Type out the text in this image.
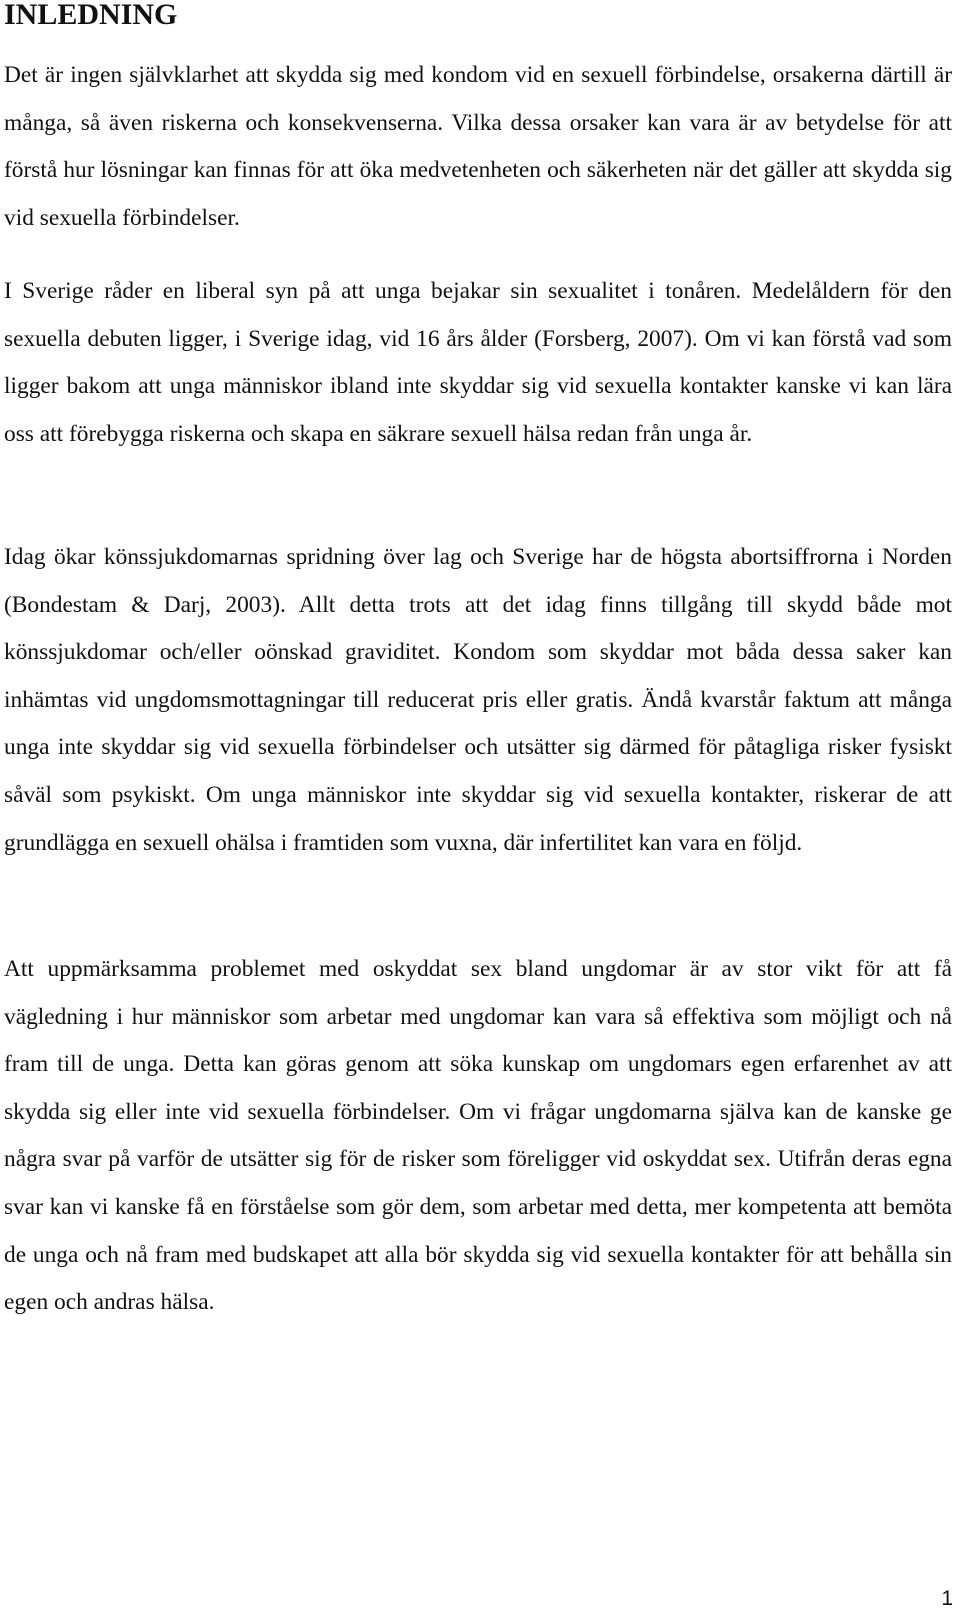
INLEDNING

Det är ingen självklarhet att skydda sig med kondom vid en sexuell förbindelse, orsakerna därtill är många, så även riskerna och konsekvenserna. Vilka dessa orsaker kan vara är av betydelse för att förstå hur lösningar kan finnas för att öka medvetenheten och säkerheten när det gäller att skydda sig vid sexuella förbindelser.

I Sverige råder en liberal syn på att unga bejakar sin sexualitet i tonåren. Medelåldern för den sexuella debuten ligger, i Sverige idag, vid 16 års ålder (Forsberg, 2007). Om vi kan förstå vad som ligger bakom att unga människor ibland inte skyddar sig vid sexuella kontakter kanske vi kan lära oss att förebygga riskerna och skapa en säkrare sexuell hälsa redan från unga år.

Idag ökar könssjukdomarnas spridning över lag och Sverige har de högsta abortsiffrorna i Norden (Bondestam & Darj, 2003). Allt detta trots att det idag finns tillgång till skydd både mot könssjukdomar och/eller oönskad graviditet. Kondom som skyddar mot båda dessa saker kan inhämtas vid ungdomsmottagningar till reducerat pris eller gratis. Ändå kvarstår faktum att många unga inte skyddar sig vid sexuella förbindelser och utsätter sig därmed för påtagliga risker fysiskt såväl som psykiskt. Om unga människor inte skyddar sig vid sexuella kontakter, riskerar de att grundlägga en sexuell ohälsa i framtiden som vuxna, där infertilitet kan vara en följd.

Att uppmärksamma problemet med oskyddat sex bland ungdomar är av stor vikt för att få vägledning i hur människor som arbetar med ungdomar kan vara så effektiva som möjligt och nå fram till de unga. Detta kan göras genom att söka kunskap om ungdomars egen erfarenhet av att skydda sig eller inte vid sexuella förbindelser. Om vi frågar ungdomarna själva kan de kanske ge några svar på varför de utsätter sig för de risker som föreligger vid oskyddat sex. Utifrån deras egna svar kan vi kanske få en förståelse som gör dem, som arbetar med detta, mer kompetenta att bemöta de unga och nå fram med budskapet att alla bör skydda sig vid sexuella kontakter för att behålla sin egen och andras hälsa.

1
